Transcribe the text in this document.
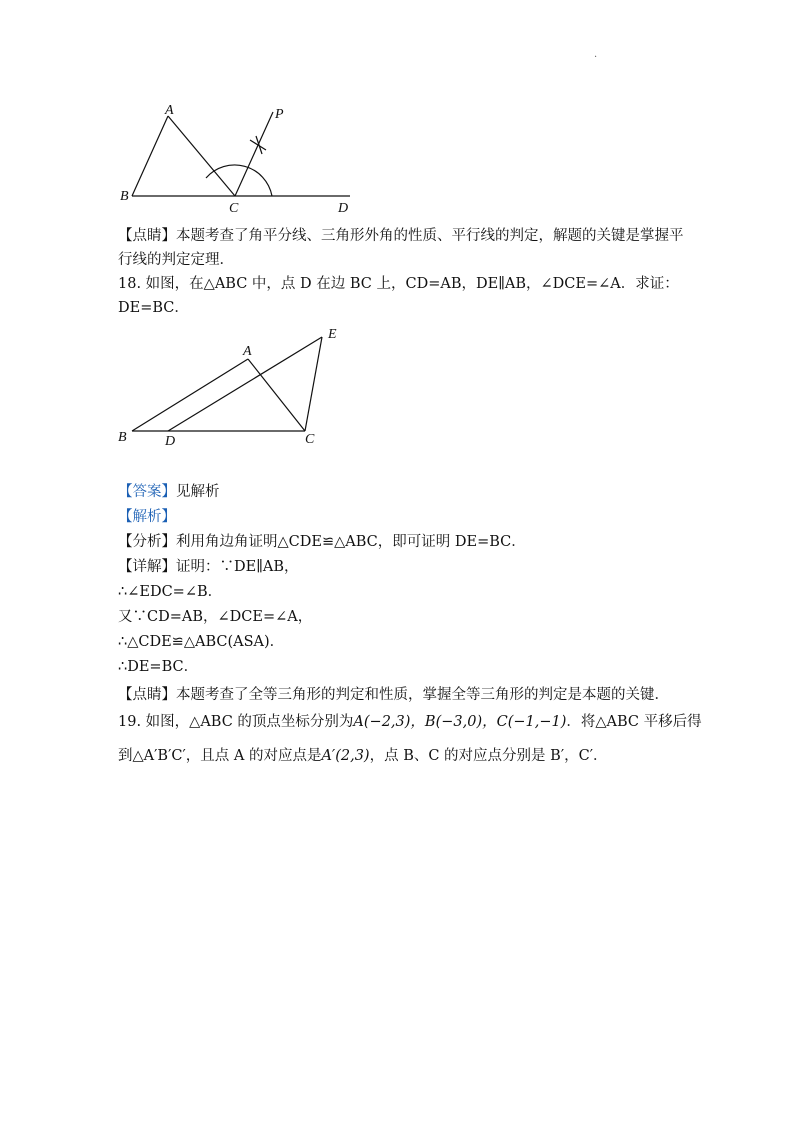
·
A
B
C	D
P
【点睛】本题考查了角平分线、三角形外角的性质、平行线的判定，解题的关键是掌握平
行线的判定定理．
18. 如图，在△ABC 中，点 D 在边 BC 上，CD=AB，DE∥AB，∠DCE=∠A．求证：
DE=BC．
A
B	D	C
E
【答案】见解析
【解析】
【分析】利用角边角证明△CDE≌△ABC，即可证明 DE=BC．
【详解】证明：∵DE∥AB，
∴∠EDC=∠B．
又∵CD=AB，∠DCE=∠A，
∴△CDE≌△ABC(ASA)．
∴DE=BC．
【点睛】本题考查了全等三角形的判定和性质，掌握全等三角形的判定是本题的关键．
19. 如图，△ABC 的顶点坐标分别为A(−2,3)，B(−3,0)，C(−1,−1)．将△ABC 平移后得
到△A′B′C′，且点 A 的对应点是A′(2,3)，点 B、C 的对应点分别是 B′，C′．
